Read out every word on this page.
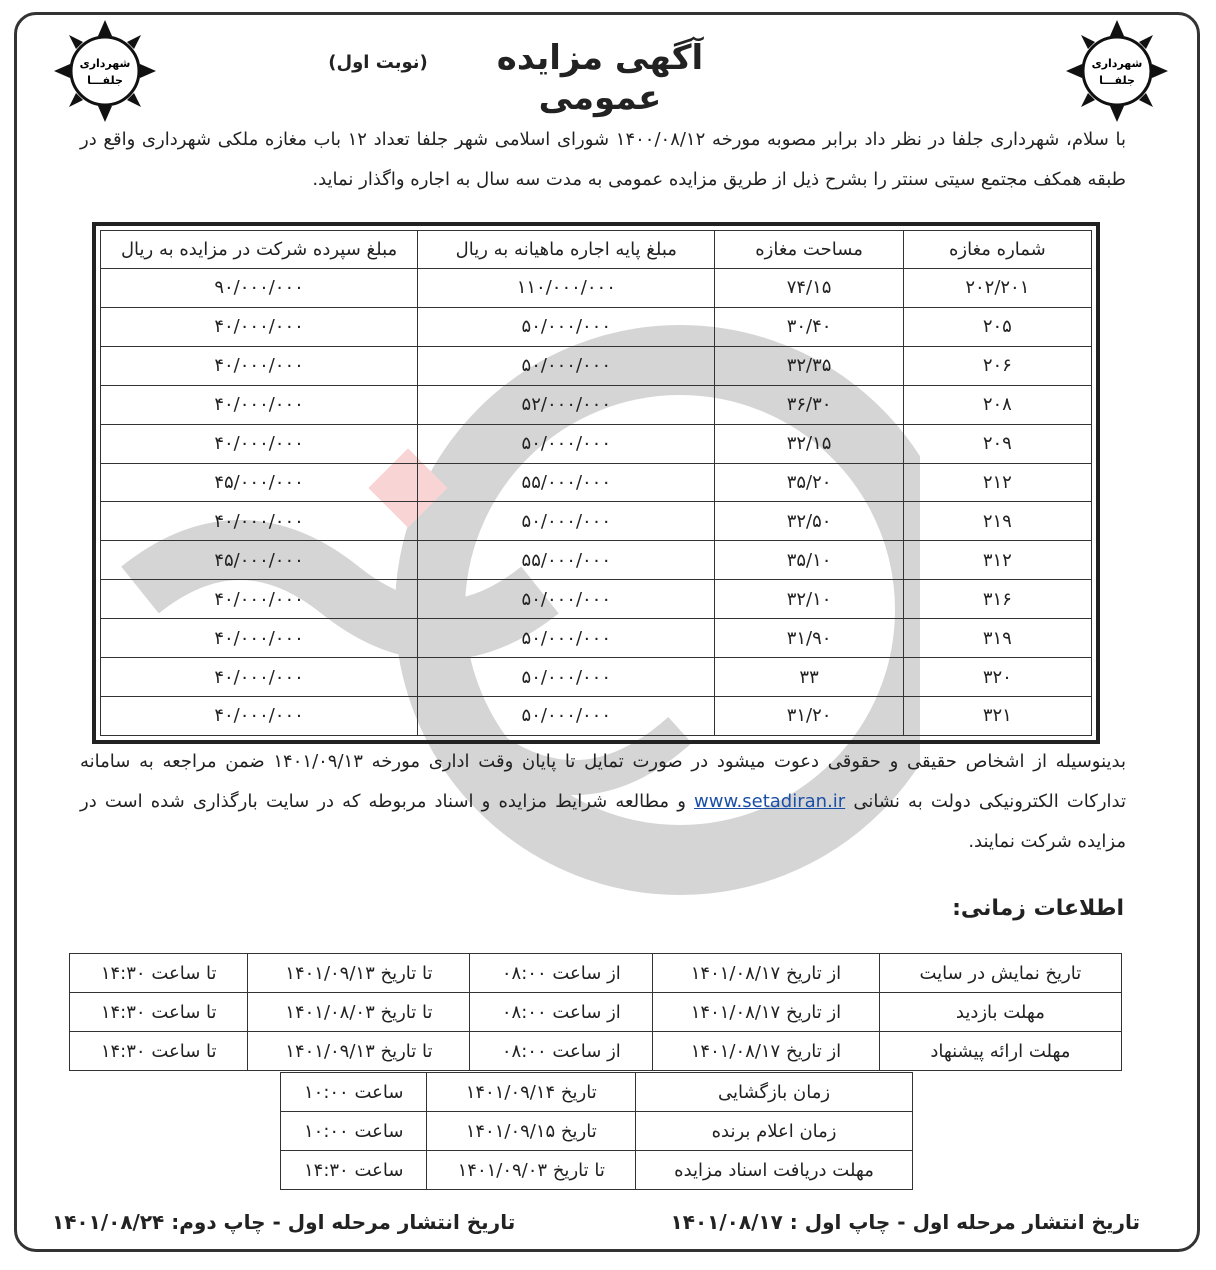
شهرداری
جلفـــا
شهرداری
جلفـــا
آگهی مزایده عمومی
(نوبت اول)
با سلام، شهرداری جلفا در نظر داد برابر مصوبه مورخه ۱۴۰۰/۰۸/۱۲ شورای اسلامی شهر جلفا تعداد ۱۲ باب مغازه ملکی شهرداری واقع در طبقه همکف مجتمع سیتی سنتر را بشرح ذیل از طریق مزایده عمومی به مدت سه سال به اجاره واگذار نماید.
شماره مغازه	مساحت مغازه	مبلغ پایه اجاره ماهیانه به ریال	مبلغ سپرده شرکت در مزایده به ریال
۲۰۲/۲۰۱	۷۴/۱۵	۱۱۰/۰۰۰/۰۰۰	۹۰/۰۰۰/۰۰۰
۲۰۵	۳۰/۴۰	۵۰/۰۰۰/۰۰۰	۴۰/۰۰۰/۰۰۰
۲۰۶	۳۲/۳۵	۵۰/۰۰۰/۰۰۰	۴۰/۰۰۰/۰۰۰
۲۰۸	۳۶/۳۰	۵۲/۰۰۰/۰۰۰	۴۰/۰۰۰/۰۰۰
۲۰۹	۳۲/۱۵	۵۰/۰۰۰/۰۰۰	۴۰/۰۰۰/۰۰۰
۲۱۲	۳۵/۲۰	۵۵/۰۰۰/۰۰۰	۴۵/۰۰۰/۰۰۰
۲۱۹	۳۲/۵۰	۵۰/۰۰۰/۰۰۰	۴۰/۰۰۰/۰۰۰
۳۱۲	۳۵/۱۰	۵۵/۰۰۰/۰۰۰	۴۵/۰۰۰/۰۰۰
۳۱۶	۳۲/۱۰	۵۰/۰۰۰/۰۰۰	۴۰/۰۰۰/۰۰۰
۳۱۹	۳۱/۹۰	۵۰/۰۰۰/۰۰۰	۴۰/۰۰۰/۰۰۰
۳۲۰	۳۳	۵۰/۰۰۰/۰۰۰	۴۰/۰۰۰/۰۰۰
۳۲۱	۳۱/۲۰	۵۰/۰۰۰/۰۰۰	۴۰/۰۰۰/۰۰۰
بدینوسیله از اشخاص حقیقی و حقوقی دعوت میشود در صورت تمایل تا پایان وقت اداری مورخه ۱۴۰۱/۰۹/۱۳ ضمن مراجعه به سامانه تدارکات الکترونیکی دولت به نشانی www.setadiran.ir و مطالعه شرایط مزایده و اسناد مربوطه که در سایت بارگذاری شده است در مزایده شرکت نمایند.
اطلاعات زمانی:
تاریخ نمایش در سایت	از تاریخ ۱۴۰۱/۰۸/۱۷	از ساعت ۰۸:۰۰	تا تاریخ ۱۴۰۱/۰۹/۱۳	تا ساعت ۱۴:۳۰
مهلت بازدید	از تاریخ ۱۴۰۱/۰۸/۱۷	از ساعت ۰۸:۰۰	تا تاریخ ۱۴۰۱/۰۸/۰۳	تا ساعت ۱۴:۳۰
مهلت ارائه پیشنهاد	از تاریخ ۱۴۰۱/۰۸/۱۷	از ساعت ۰۸:۰۰	تا تاریخ ۱۴۰۱/۰۹/۱۳	تا ساعت ۱۴:۳۰
زمان بازگشایی	تاریخ ۱۴۰۱/۰۹/۱۴	ساعت ۱۰:۰۰
زمان اعلام برنده	تاریخ ۱۴۰۱/۰۹/۱۵	ساعت ۱۰:۰۰
مهلت دریافت اسناد مزایده	تا تاریخ ۱۴۰۱/۰۹/۰۳	ساعت ۱۴:۳۰
تاریخ انتشار مرحله اول - چاپ اول : ۱۴۰۱/۰۸/۱۷
تاریخ انتشار مرحله اول - چاپ دوم: ۱۴۰۱/۰۸/۲۴
